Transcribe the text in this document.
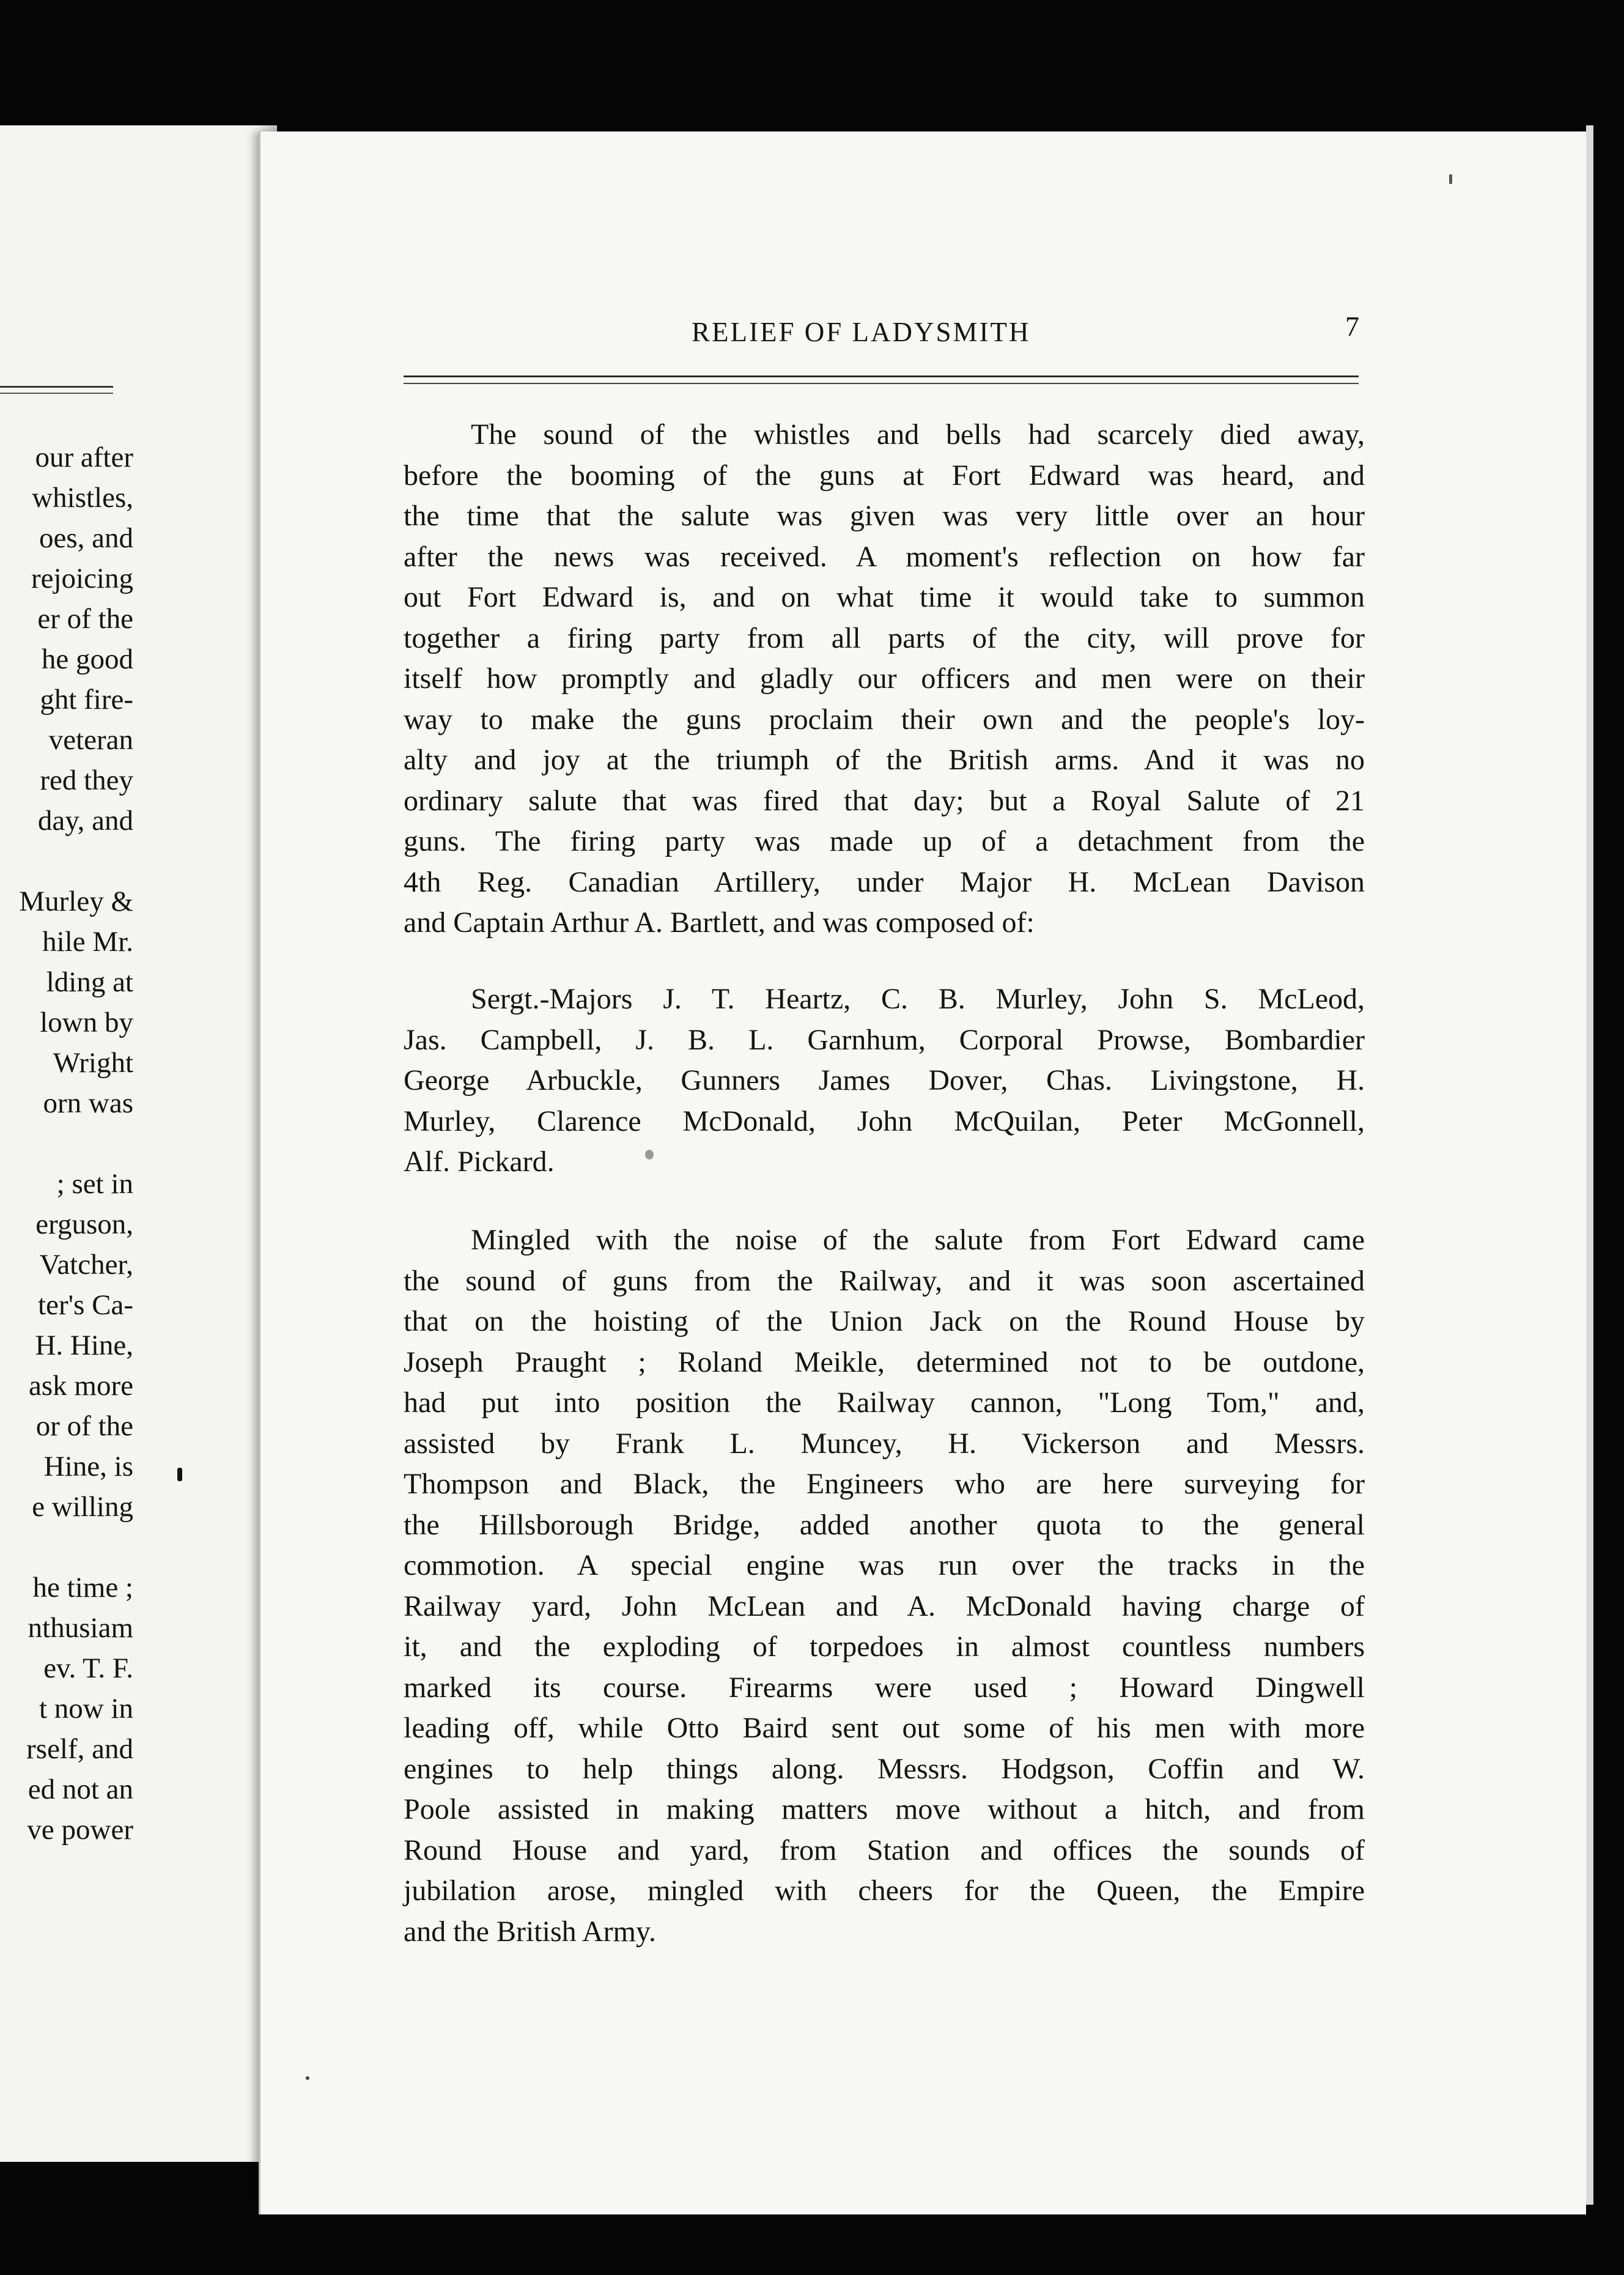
our after
whistles,
oes, and
rejoicing
er of the
he good
ght fire-
veteran
red they
day, and
Murley &
hile Mr.
lding at
lown by
Wright
orn was
; set in
erguson,
Vatcher,
ter's Ca-
H. Hine,
ask more
or of the
Hine, is
e willing
he time ;
nthusiam
ev. T. F.
t now in
rself, and
ed not an
ve power
RELIEF OF LADYSMITH	7
The sound of the whistles and bells had scarcely died away,
before the booming of the guns at Fort Edward was heard, and
the time that the salute was given was very little over an hour
after the news was received. A moment's reflection on how far
out Fort Edward is, and on what time it would take to summon
together a firing party from all parts of the city, will prove for
itself how promptly and gladly our officers and men were on their
way to make the guns proclaim their own and the people's loy-
alty and joy at the triumph of the British arms. And it was no
ordinary salute that was fired that day; but a Royal Salute of 21
guns. The firing party was made up of a detachment from the
4th Reg. Canadian Artillery, under Major H. McLean Davison
and Captain Arthur A. Bartlett, and was composed of:
Sergt.-Majors J. T. Heartz, C. B. Murley, John S. McLeod,
Jas. Campbell, J. B. L. Garnhum, Corporal Prowse, Bombardier
George Arbuckle, Gunners James Dover, Chas. Livingstone, H.
Murley, Clarence McDonald, John McQuilan, Peter McGonnell,
Alf. Pickard.
Mingled with the noise of the salute from Fort Edward came
the sound of guns from the Railway, and it was soon ascertained
that on the hoisting of the Union Jack on the Round House by
Joseph Praught ; Roland Meikle, determined not to be outdone,
had put into position the Railway cannon, "Long Tom," and,
assisted by Frank L. Muncey, H. Vickerson and Messrs.
Thompson and Black, the Engineers who are here surveying for
the Hillsborough Bridge, added another quota to the general
commotion. A special engine was run over the tracks in the
Railway yard, John McLean and A. McDonald having charge of
it, and the exploding of torpedoes in almost countless numbers
marked its course. Firearms were used ; Howard Dingwell
leading off, while Otto Baird sent out some of his men with more
engines to help things along. Messrs. Hodgson, Coffin and W.
Poole assisted in making matters move without a hitch, and from
Round House and yard, from Station and offices the sounds of
jubilation arose, mingled with cheers for the Queen, the Empire
and the British Army.
